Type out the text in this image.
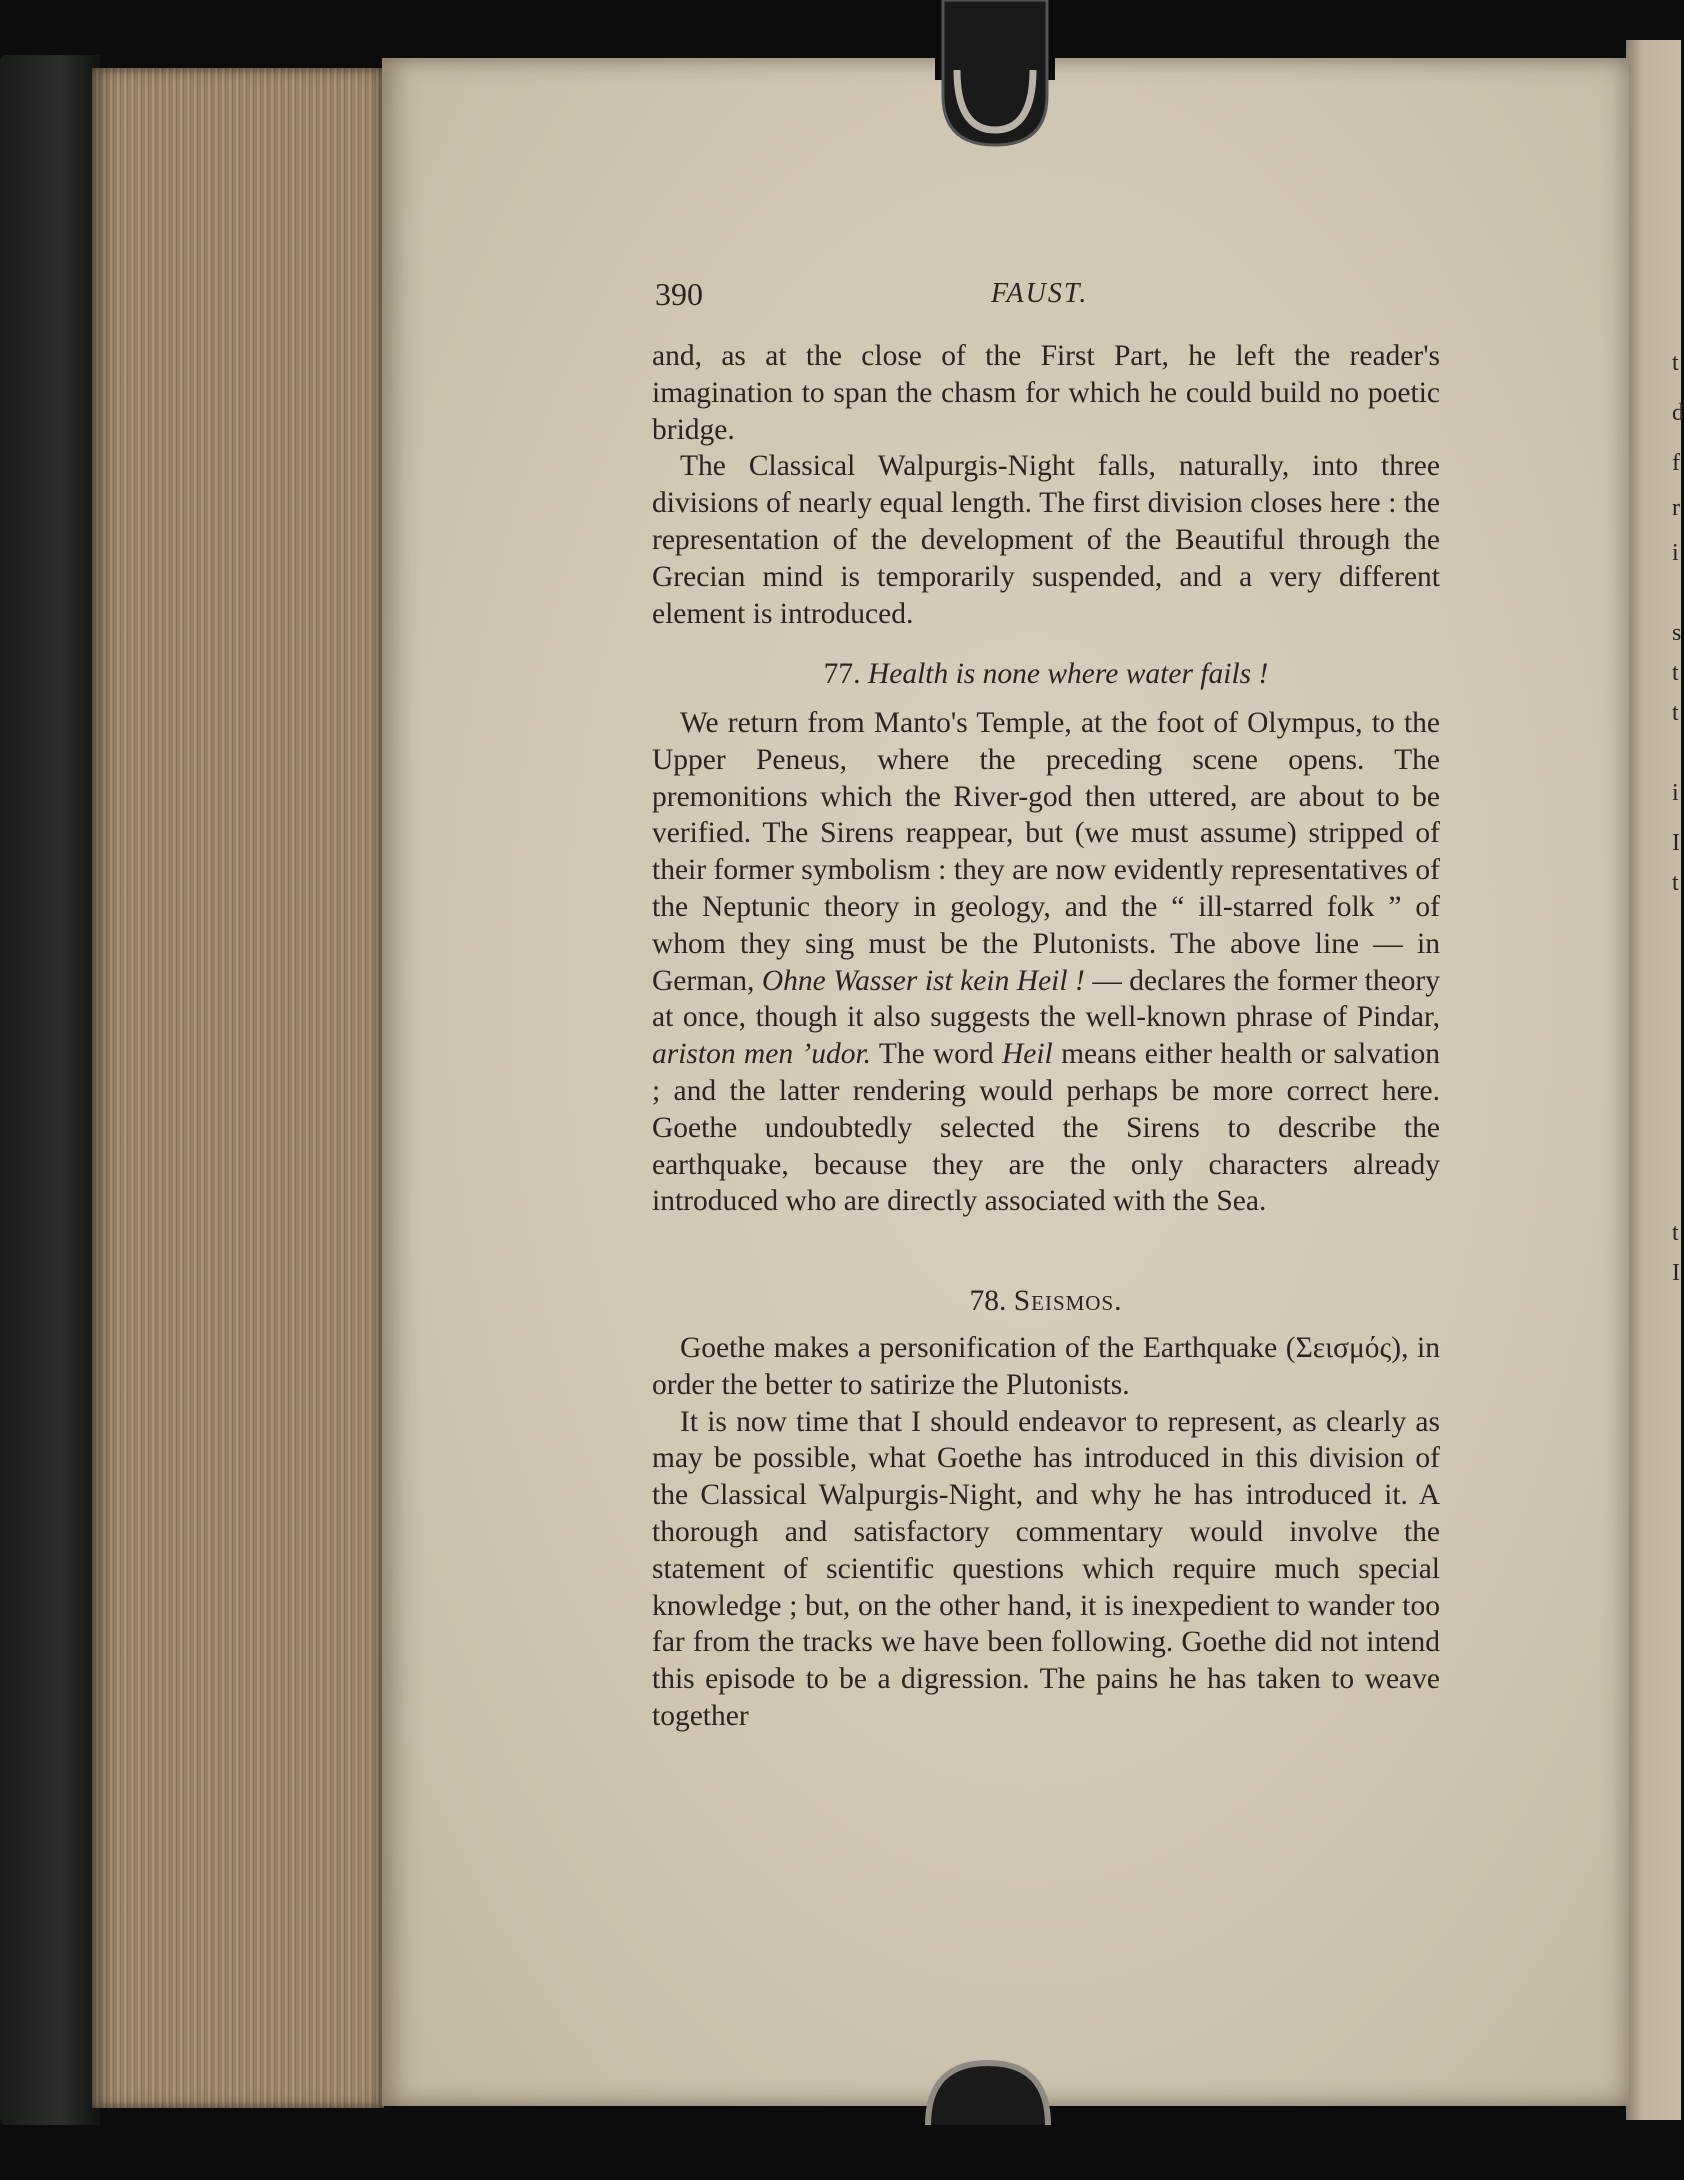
390	FAUST.

and, as at the close of the First Part, he left the reader's imagination to span the chasm for which he could build no poetic bridge.

The Classical Walpurgis-Night falls, naturally, into three divisions of nearly equal length. The first division closes here : the representation of the development of the Beautiful through the Grecian mind is temporarily suspended, and a very different element is introduced.

77. Health is none where water fails !

We return from Manto's Temple, at the foot of Olympus, to the Upper Peneus, where the preceding scene opens. The premonitions which the River-god then uttered, are about to be verified. The Sirens reappear, but (we must assume) stripped of their former symbolism : they are now evidently representatives of the Neptunic theory in geology, and the “ ill-starred folk ” of whom they sing must be the Plutonists. The above line — in German, Ohne Wasser ist kein Heil ! — declares the former theory at once, though it also suggests the well-known phrase of Pindar, ariston men ’udor. The word Heil means either health or salvation ; and the latter rendering would perhaps be more correct here. Goethe undoubtedly selected the Sirens to describe the earthquake, because they are the only characters already introduced who are directly associated with the Sea.

78. Seismos.

Goethe makes a personification of the Earthquake (Σεισμός), in order the better to satirize the Plutonists.

It is now time that I should endeavor to represent, as clearly as may be possible, what Goethe has introduced in this division of the Classical Walpurgis-Night, and why he has introduced it. A thorough and satisfactory commentary would involve the statement of scientific questions which require much special knowledge ; but, on the other hand, it is inexpedient to wander too far from the tracks we have been following. Goethe did not intend this episode to be a digression. The pains he has taken to weave together

t
d
f
r
i
s
t
t
i
I
t
t
I
